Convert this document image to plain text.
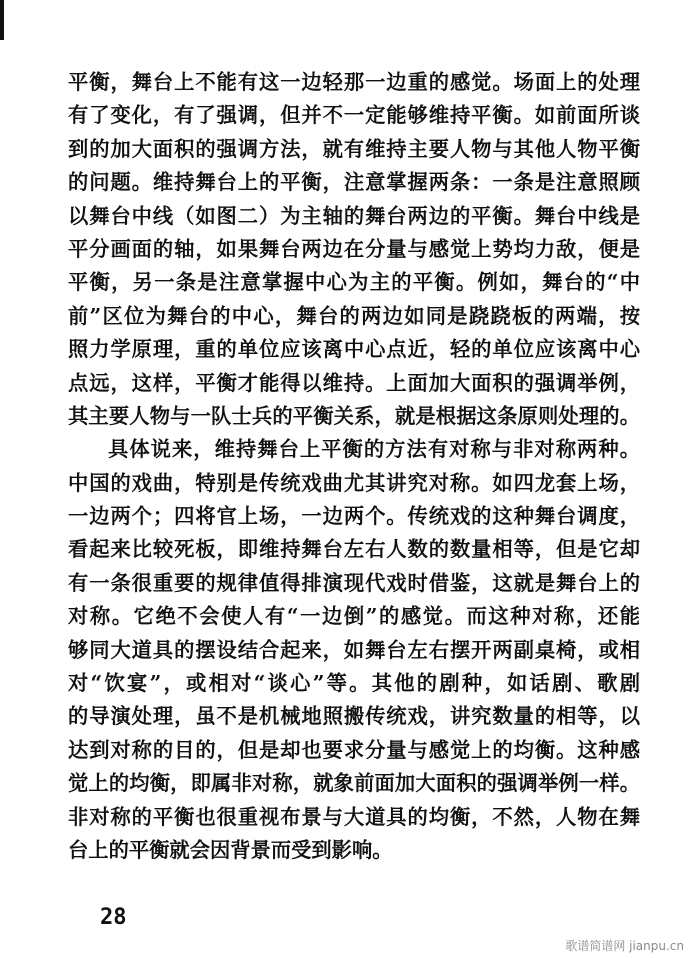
平衡，舞台上不能有这一边轻那一边重的感觉。场面上的处理
有了变化，有了强调，但并不一定能够维持平衡。如前面所谈
到的加大面积的强调方法，就有维持主要人物与其他人物平衡
的问题。维持舞台上的平衡，注意掌握两条：一条是注意照顾
以舞台中线（如图二）为主轴的舞台两边的平衡。舞台中线是
平分画面的轴，如果舞台两边在分量与感觉上势均力敌，便是
平衡，另一条是注意掌握中心为主的平衡。例如，舞台的“中
前”区位为舞台的中心，舞台的两边如同是跷跷板的两端，按
照力学原理，重的单位应该离中心点近，轻的单位应该离中心
点远，这样，平衡才能得以维持。上面加大面积的强调举例，
其主要人物与一队士兵的平衡关系，就是根据这条原则处理的。
具体说来，维持舞台上平衡的方法有对称与非对称两种。
中国的戏曲，特别是传统戏曲尤其讲究对称。如四龙套上场，
一边两个；四将官上场，一边两个。传统戏的这种舞台调度，
看起来比较死板，即维持舞台左右人数的数量相等，但是它却
有一条很重要的规律值得排演现代戏时借鉴，这就是舞台上的
对称。它绝不会使人有“一边倒”的感觉。而这种对称，还能
够同大道具的摆设结合起来，如舞台左右摆开两副桌椅，或相
对“饮宴”，或相对“谈心”等。其他的剧种，如话剧、歌剧
的导演处理，虽不是机械地照搬传统戏，讲究数量的相等，以
达到对称的目的，但是却也要求分量与感觉上的均衡。这种感
觉上的均衡，即属非对称，就象前面加大面积的强调举例一样。
非对称的平衡也很重视布景与大道具的均衡，不然，人物在舞
台上的平衡就会因背景而受到影响。
28
歌谱简谱网 jianpu.cn
